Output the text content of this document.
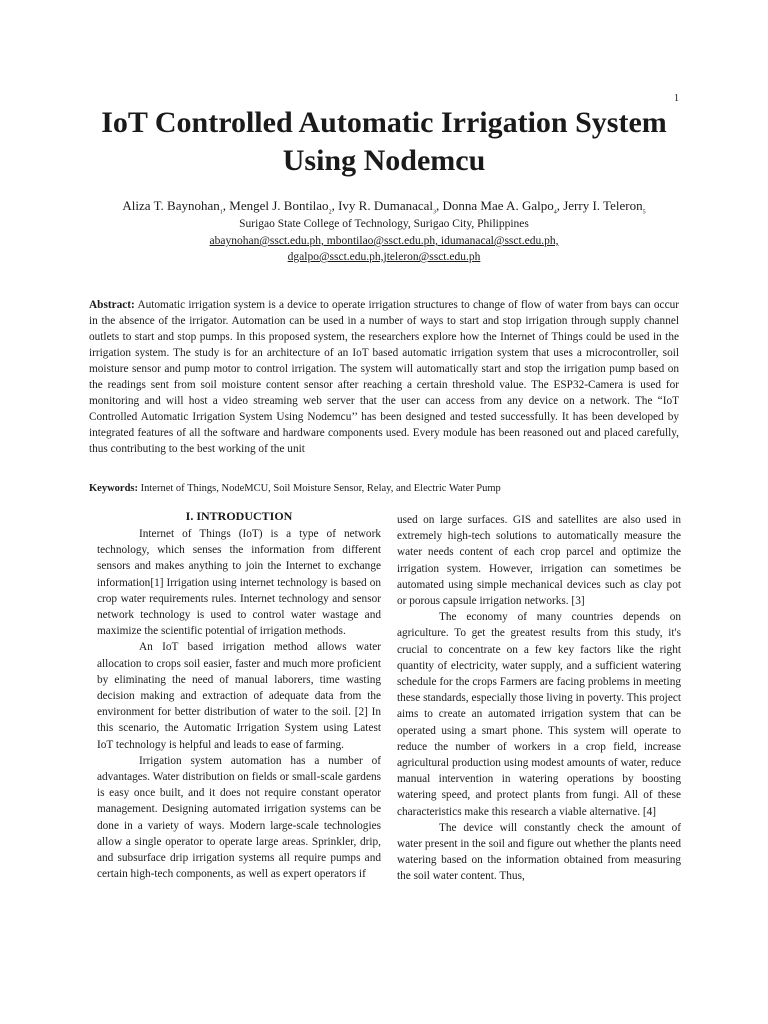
1
IoT Controlled Automatic Irrigation System Using Nodemcu
Aliza T. Baynohan$_1$, Mengel J. Bontilao$_2$, Ivy R. Dumanacal$_3$, Donna Mae A. Galpo$_4$, Jerry I. Teleron$_5$
Surigao State College of Technology, Surigao City, Philippines
abaynohan@ssct.edu.ph, mbontilao@ssct.edu.ph, idumanacal@ssct.edu.ph,
dgalpo@ssct.edu.ph,jteleron@ssct.edu.ph

Abstract: Automatic irrigation system is a device to operate irrigation structures to change of flow of water from bays can occur in the absence of the irrigator. Automation can be used in a number of ways to start and stop irrigation through supply channel outlets to start and stop pumps. In this proposed system, the researchers explore how the Internet of Things could be used in the irrigation system. The study is for an architecture of an IoT based automatic irrigation system that uses a microcontroller, soil moisture sensor and pump motor to control irrigation. The system will automatically start and stop the irrigation pump based on the readings sent from soil moisture content sensor after reaching a certain threshold value. The ESP32-Camera is used for monitoring and will host a video streaming web server that the user can access from any device on a network. The “IoT Controlled Automatic Irrigation System Using Nodemcu’’ has been designed and tested successfully. It has been developed by integrated features of all the software and hardware components used. Every module has been reasoned out and placed carefully, thus contributing to the best working of the unit

Keywords: Internet of Things, NodeMCU, Soil Moisture Sensor, Relay, and Electric Water Pump
I. INTRODUCTION

Internet of Things (IoT) is a type of network technology, which senses the information from different sensors and makes anything to join the Internet to exchange information[1] Irrigation using internet technology is based on crop water requirements rules. Internet technology and sensor network technology is used to control water wastage and maximize the scientific potential of irrigation methods.

An IoT based irrigation method allows water allocation to crops soil easier, faster and much more proficient by eliminating the need of manual laborers, time wasting decision making and extraction of adequate data from the environment for better distribution of water to the soil. [2] In this scenario, the Automatic Irrigation System using Latest IoT technology is helpful and leads to ease of farming.

Irrigation system automation has a number of advantages. Water distribution on fields or small-scale gardens is easy once built, and it does not require constant operator management. Designing automated irrigation systems can be done in a variety of ways. Modern large-scale technologies allow a single operator to operate large areas. Sprinkler, drip, and subsurface drip irrigation systems all require pumps and certain high-tech components, as well as expert operators if

used on large surfaces. GIS and satellites are also used in extremely high-tech solutions to automatically measure the water needs content of each crop parcel and optimize the irrigation system. However, irrigation can sometimes be automated using simple mechanical devices such as clay pot or porous capsule irrigation networks. [3]

The economy of many countries depends on agriculture. To get the greatest results from this study, it's crucial to concentrate on a few key factors like the right quantity of electricity, water supply, and a sufficient watering schedule for the crops Farmers are facing problems in meeting these standards, especially those living in poverty. This project aims to create an automated irrigation system that can be operated using a smart phone. This system will operate to reduce the number of workers in a crop field, increase agricultural production using modest amounts of water, reduce manual intervention in watering operations by boosting watering speed, and protect plants from fungi. All of these characteristics make this research a viable alternative. [4]

The device will constantly check the amount of water present in the soil and figure out whether the plants need watering based on the information obtained from measuring the soil water content. Thus,
